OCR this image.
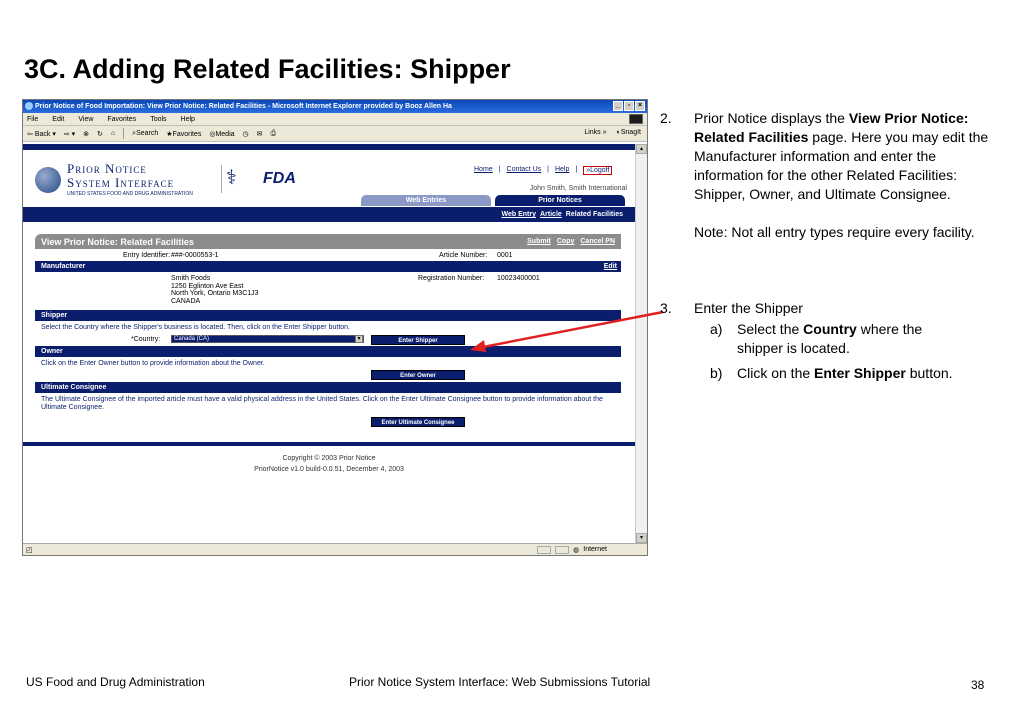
3C. Adding Related Facilities: Shipper
Prior Notice of Food Importation: View Prior Notice: Related Facilities - Microsoft Internet Explorer provided by Booz Allen Ha	_	▫	×
File Edit View Favorites Tools Help
⇦ Back ▾ ⇨ ▾ ⊗ ↻ ⌂ ⌕Search ★Favorites ◎Media ◷ ✉ ⎙	Links » ◐SnagIt
Prior Notice
System Interface
UNITED STATES FOOD AND DRUG ADMINISTRATION
⚕	FDA
Home | Contact Us | Help |	»Logoff
John Smith, Smith International
Web Entries	Prior Notices
Web Entry Article Related Facilities
View Prior Notice: Related Facilities	Submit Copy Cancel PN
Entry Identifier: ###-0000553-1	Article Number: 0001
Manufacturer	Edit
Smith Foods
1250 Eglinton Ave East
North York, Ontario M3C1J3
CANADA
Registration Number: 10023400001
Shipper
Select the Country where the Shipper's business is located. Then, click on the Enter Shipper button.
*Country:	Canada (CA)	▾	Enter Shipper
Owner
Click on the Enter Owner button to provide information about the Owner.
Enter Owner
Ultimate Consignee
The Ultimate Consignee of the imported article must have a valid physical address in the United States. Click on the Enter Ultimate Consignee button to provide information about the Ultimate Consignee.
Enter Ultimate Consignee
Copyright © 2003 Prior Notice
PriorNotice v1.0 build-0.0.51, December 4, 2003
▴
▾
◰	◍ Internet
2. Prior Notice displays the View Prior Notice: Related Facilities page. Here you may edit the Manufacturer information and enter the information for the other Related Facilities: Shipper, Owner, and Ultimate Consignee.
Note: Not all entry types require every facility.
3. Enter the Shipper
a) Select the Country where the shipper is located.
b) Click on the Enter Shipper button.
US Food and Drug Administration	Prior Notice System Interface: Web Submissions Tutorial	38
